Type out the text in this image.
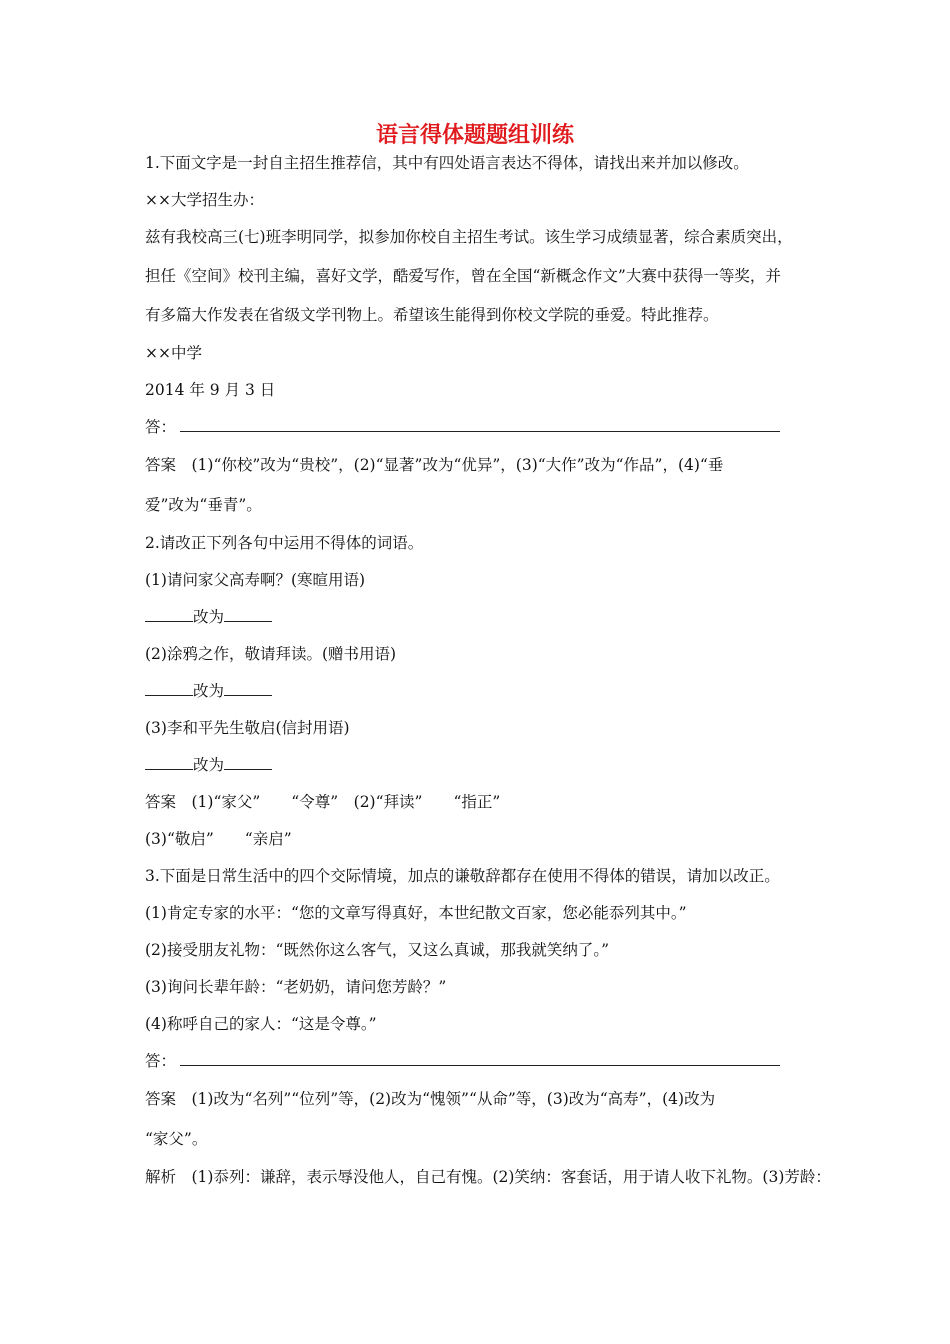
语言得体题题组训练
1.下面文字是一封自主招生推荐信，其中有四处语言表达不得体，请找出来并加以修改。
××大学招生办：
兹有我校高三(七)班李明同学，拟参加你校自主招生考试。该生学习成绩显著，综合素质突出，
担任《空间》校刊主编，喜好文学，酷爱写作，曾在全国“新概念作文”大赛中获得一等奖，并
有多篇大作发表在省级文学刊物上。希望该生能得到你校文学院的垂爱。特此推荐。
××中学
2014 年 9 月 3 日
答：
答案　(1)“你校”改为“贵校”，(2)“显著”改为“优异”，(3)“大作”改为“作品”，(4)“垂
爱”改为“垂青”。
2.请改正下列各句中运用不得体的词语。
(1)请问家父高寿啊？(寒暄用语)
改为
(2)涂鸦之作，敬请拜读。(赠书用语)
改为
(3)李和平先生敬启(信封用语)
改为
答案　(1)“家父”　　“令尊”　(2)“拜读”　　“指正”
(3)“敬启”　　“亲启”
3.下面是日常生活中的四个交际情境，加点的谦敬辞都存在使用不得体的错误，请加以改正。
(1)肯定专家的水平：“您的文章写得真好，本世纪散文百家，您必能忝列其中。”
(2)接受朋友礼物：“既然你这么客气，又这么真诚，那我就笑纳了。”
(3)询问长辈年龄：“老奶奶，请问您芳龄？”
(4)称呼自己的家人：“这是令尊。”
答：
答案　(1)改为“名列”“位列”等，(2)改为“愧领”“从命”等，(3)改为“高寿”，(4)改为
“家父”。
解析　(1)忝列：谦辞，表示辱没他人，自己有愧。(2)笑纳：客套话，用于请人收下礼物。(3)芳龄：
